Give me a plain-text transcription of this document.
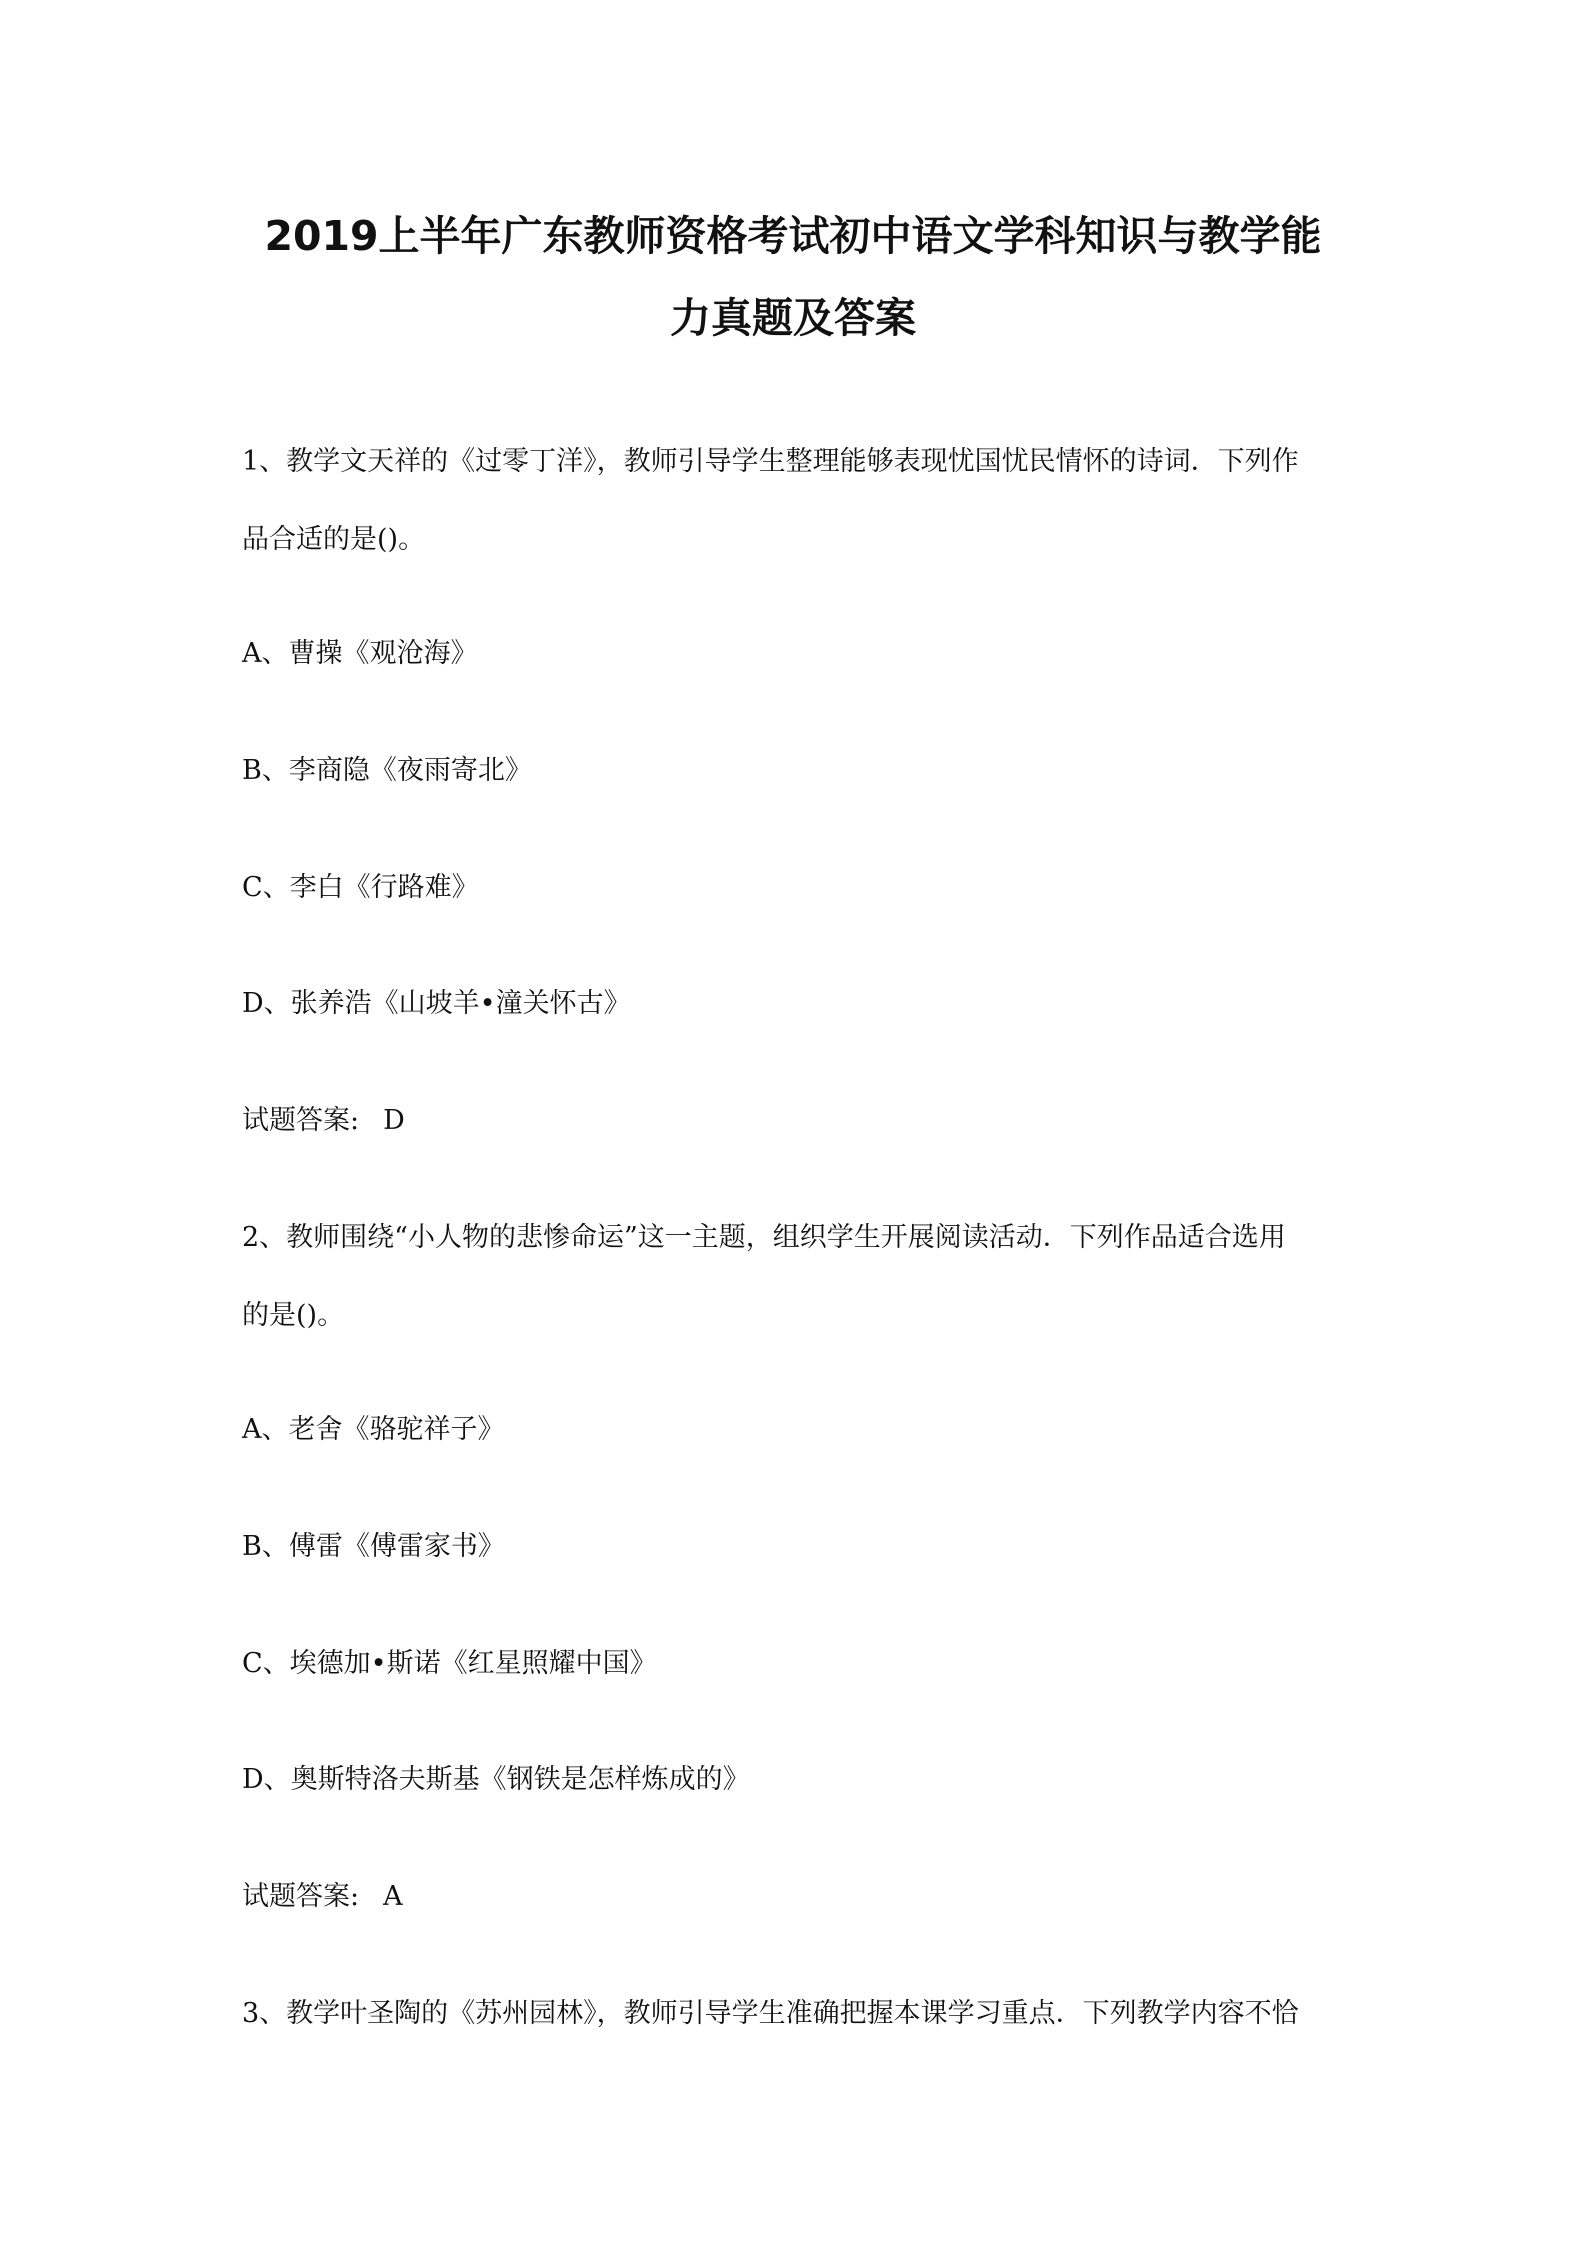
2019上半年广东教师资格考试初中语文学科知识与教学能
力真题及答案
1、教学文天祥的《过零丁洋》，教师引导学生整理能够表现忧国忧民情怀的诗词．下列作
品合适的是()。
A、曹操《观沧海》
B、李商隐《夜雨寄北》
C、李白《行路难》
D、张养浩《山坡羊•潼关怀古》
试题答案: D
2、教师围绕“小人物的悲惨命运”这一主题，组织学生开展阅读活动．下列作品适合选用
的是()。
A、老舍《骆驼祥子》
B、傅雷《傅雷家书》
C、埃德加•斯诺《红星照耀中国》
D、奥斯特洛夫斯基《钢铁是怎样炼成的》
试题答案: A
3、教学叶圣陶的《苏州园林》，教师引导学生准确把握本课学习重点．下列教学内容不恰
